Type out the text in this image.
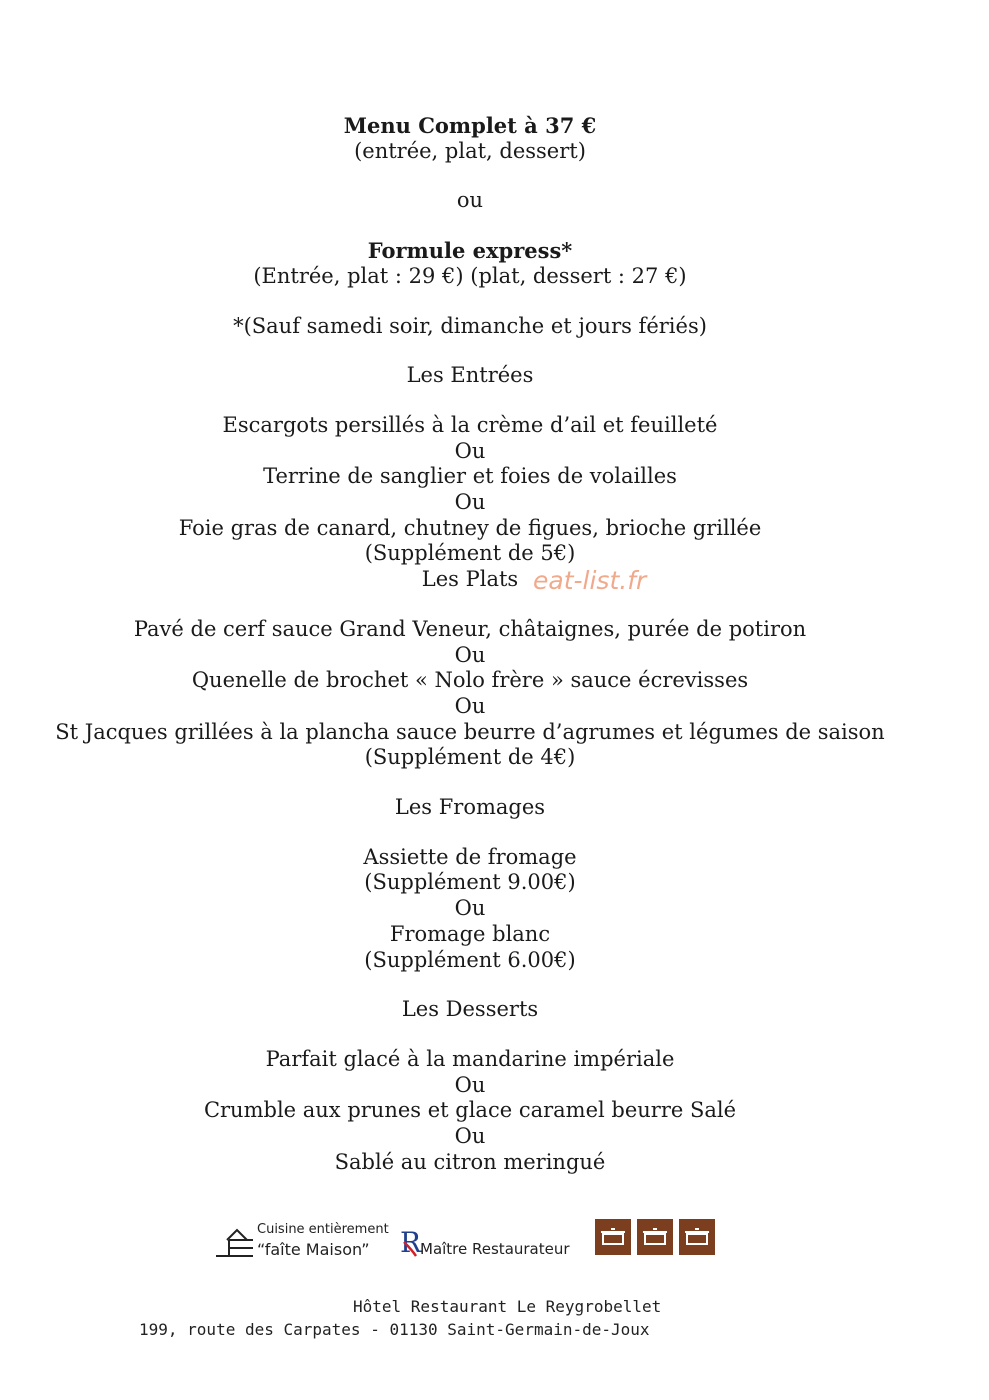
Menu Complet à 37 €
(entrée, plat, dessert)
ou
Formule express*
(Entrée, plat : 29 €) (plat, dessert : 27 €)
*(Sauf samedi soir, dimanche et jours fériés)
Les Entrées
Escargots persillés à la crème d’ail et feuilleté
Ou
Terrine de sanglier et foies de volailles
Ou
Foie gras de canard, chutney de figues, brioche grillée
(Supplément de 5€)
Les Plats
Pavé de cerf sauce Grand Veneur, châtaignes, purée de potiron
Ou
Quenelle de brochet « Nolo frère » sauce écrevisses
Ou
St Jacques grillées à la plancha sauce beurre d’agrumes et légumes de saison
(Supplément de 4€)
Les Fromages
Assiette de fromage
(Supplément 9.00€)
Ou
Fromage blanc
(Supplément 6.00€)
Les Desserts
Parfait glacé à la mandarine impériale
Ou
Crumble aux prunes et glace caramel beurre Salé
Ou
Sablé au citron meringué
eat-list.fr
Cuisine entièrement
“faîte Maison” R
Maître Restaurateur
Hôtel Restaurant Le Reygrobellet
199, route des Carpates - 01130 Saint-Germain-de-Joux
